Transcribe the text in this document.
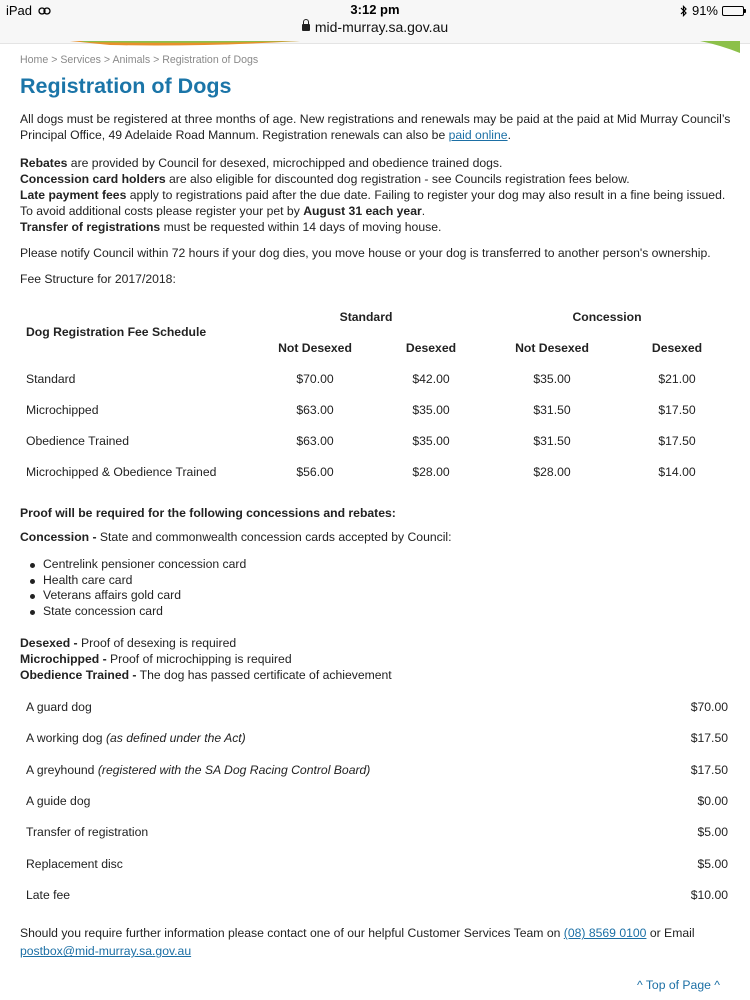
iPad	3:12 pm	91%
mid-murray.sa.gov.au
Home > Services > Animals > Registration of Dogs
Registration of Dogs

All dogs must be registered at three months of age. New registrations and renewals may be paid at the paid at Mid Murray Council’s Principal Office, 49 Adelaide Road Mannum. Registration renewals can also be paid online.

Rebates are provided by Council for desexed, microchipped and obedience trained dogs.
Concession card holders are also eligible for discounted dog registration - see Councils registration fees below.
Late payment fees apply to registrations paid after the due date. Failing to register your dog may also result in a fine being issued. To avoid additional costs please register your pet by August 31 each year.
Transfer of registrations must be requested within 14 days of moving house.

Please notify Council within 72 hours if your dog dies, you move house or your dog is transferred to another person's ownership.

Fee Structure for 2017/2018:

Dog Registration Fee Schedule	Standard		Concession	
	Not Desexed	Desexed	Not Desexed	Desexed
Standard	$70.00	$42.00	$35.00	$21.00
Microchipped	$63.00	$35.00	$31.50	$17.50
Obedience Trained	$63.00	$35.00	$31.50	$17.50
Microchipped & Obedience Trained	$56.00	$28.00	$28.00	$14.00

Proof will be required for the following concessions and rebates:

Concession - State and commonwealth concession cards accepted by Council:

Centrelink pensioner concession card
Health care card
Veterans affairs gold card
State concession card

Desexed - Proof of desexing is required
Microchipped - Proof of microchipping is required
Obedience Trained - The dog has passed certificate of achievement

A guard dog	$70.00
A working dog (as defined under the Act)	$17.50
A greyhound (registered with the SA Dog Racing Control Board)	$17.50
A guide dog	$0.00
Transfer of registration	$5.00
Replacement disc	$5.00
Late fee	$10.00

Should you require further information please contact one of our helpful Customer Services Team on (08) 8569 0100 or Email
postbox@mid-murray.sa.gov.au

^ Top of Page ^
